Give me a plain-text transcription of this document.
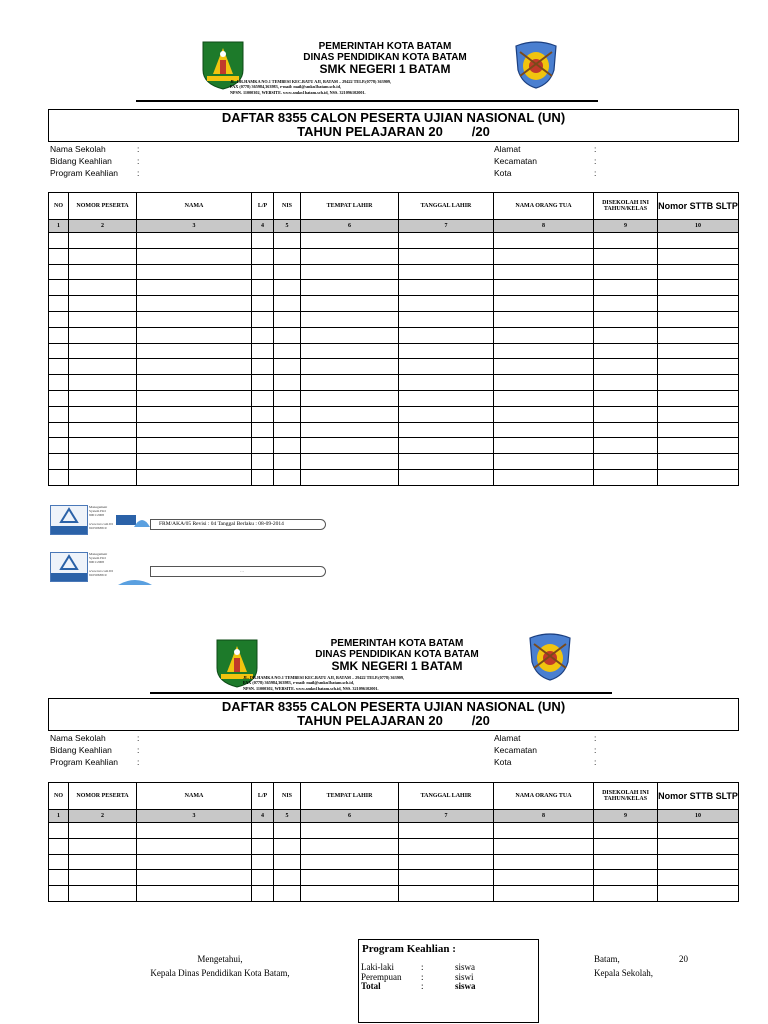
PEMERINTAH KOTA BATAM
DINAS PENDIDIKAN KOTA BATAM
SMK NEGERI 1 BATAM
JL. DR.HAMKA NO.1 TEMBESI KEC.BATU AJI, BATAM – 29422 TELP.(0778) 363909,
FAX (0778) 365984,363983, e-mail: mail@smkn1batam.sch.id,
NPSN. 11000302, WEBSITE. www.smkn1batam.sch.id, NSS. 321096102001.
DAFTAR 8355 CALON PESERTA UJIAN NASIONAL (UN)
TAHUN PELAJARAN 20        /20
Nama Sekolah	:
Bidang Keahlian	:
Program Keahlian :
Alamat	:
Kecamatan	:
Kota	:
NO	NOMOR PESERTA	NAMA	L/P	NIS	TEMPAT LAHIR	TANGGAL LAHIR	NAMA ORANG TUA	DISEKOLAH INI TAHUN/KELAS	Nomor STTB SLTP
1	2	3	4	5	6	7	8	9	10

Management System ISO 9001:2008
www.tuv.com ID 9105063819
FRM/AKA/05 Revisi : 04 Tanggal Berlaku : 08-09-2014
Management System ISO 9001:2008
www.tuv.com ID 9105063819
...
PEMERINTAH KOTA BATAM
DINAS PENDIDIKAN KOTA BATAM
SMK NEGERI 1 BATAM
JL. DR.HAMKA NO.1 TEMBESI KEC.BATU AJI, BATAM – 29422 TELP.(0778) 363909,
FAX (0778) 365984,363983, e-mail: mail@smkn1batam.sch.id,
NPSN. 11000302, WEBSITE. www.smkn1batam.sch.id, NSS. 321096102001.
DAFTAR 8355 CALON PESERTA UJIAN NASIONAL (UN)
TAHUN PELAJARAN 20        /20
Nama Sekolah	:
Bidang Keahlian	:
Program Keahlian :
Alamat	:
Kecamatan	:
Kota	:
NO	NOMOR PESERTA	NAMA	L/P	NIS	TEMPAT LAHIR	TANGGAL LAHIR	NAMA ORANG TUA	DISEKOLAH INI TAHUN/KELAS	Nomor STTB SLTP
1	2	3	4	5	6	7	8	9	10

Mengetahui,
Kepala Dinas Pendidikan Kota Batam,
Program Keahlian :
Laki-laki	:	siswa
Perempuan :	siswi
Total	:	siswa
Batam,	20
Kepala Sekolah,
